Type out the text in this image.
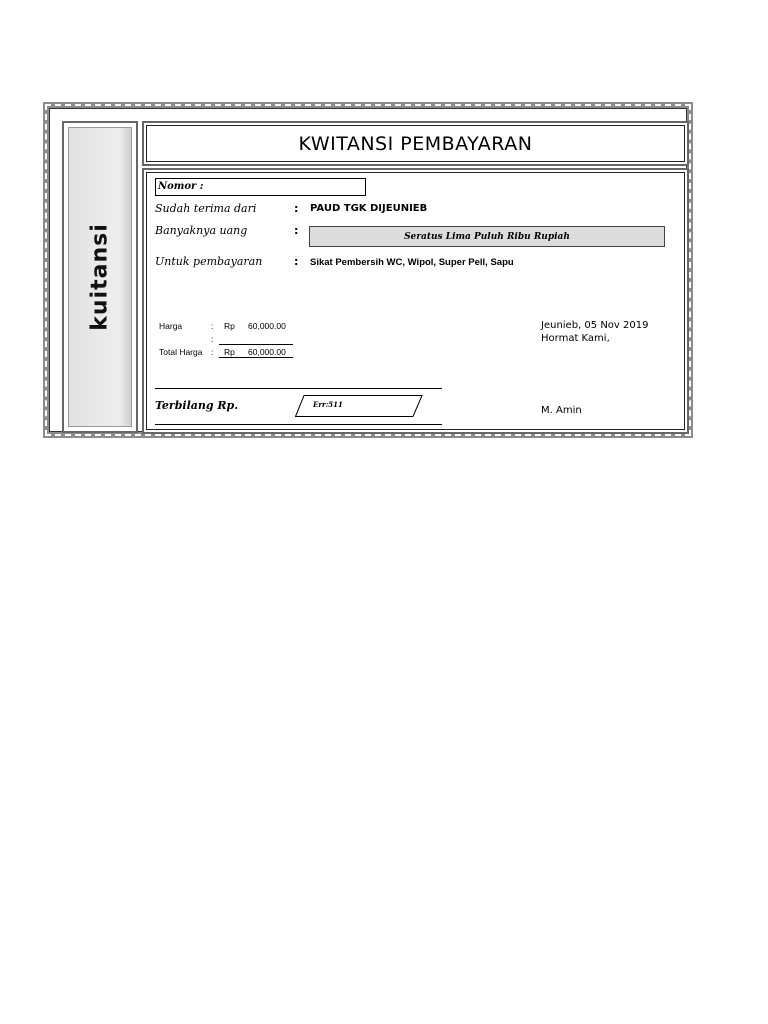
kuitansi
KWITANSI PEMBAYARAN
Nomor :
Sudah terima dari	: PAUD TGK DIJEUNIEB
Banyaknya uang	:	Seratus Lima Puluh Ribu Rupiah
Untuk pembayaran	: Sikat Pembersih WC, Wipol, Super Pell, Sapu
Harga	: Rp 60,000.00
:
Total Harga : Rp 60,000.00
Jeunieb, 05 Nov 2019
Hormat Kami,
Terbilang Rp.	Err:511
M. Amin
